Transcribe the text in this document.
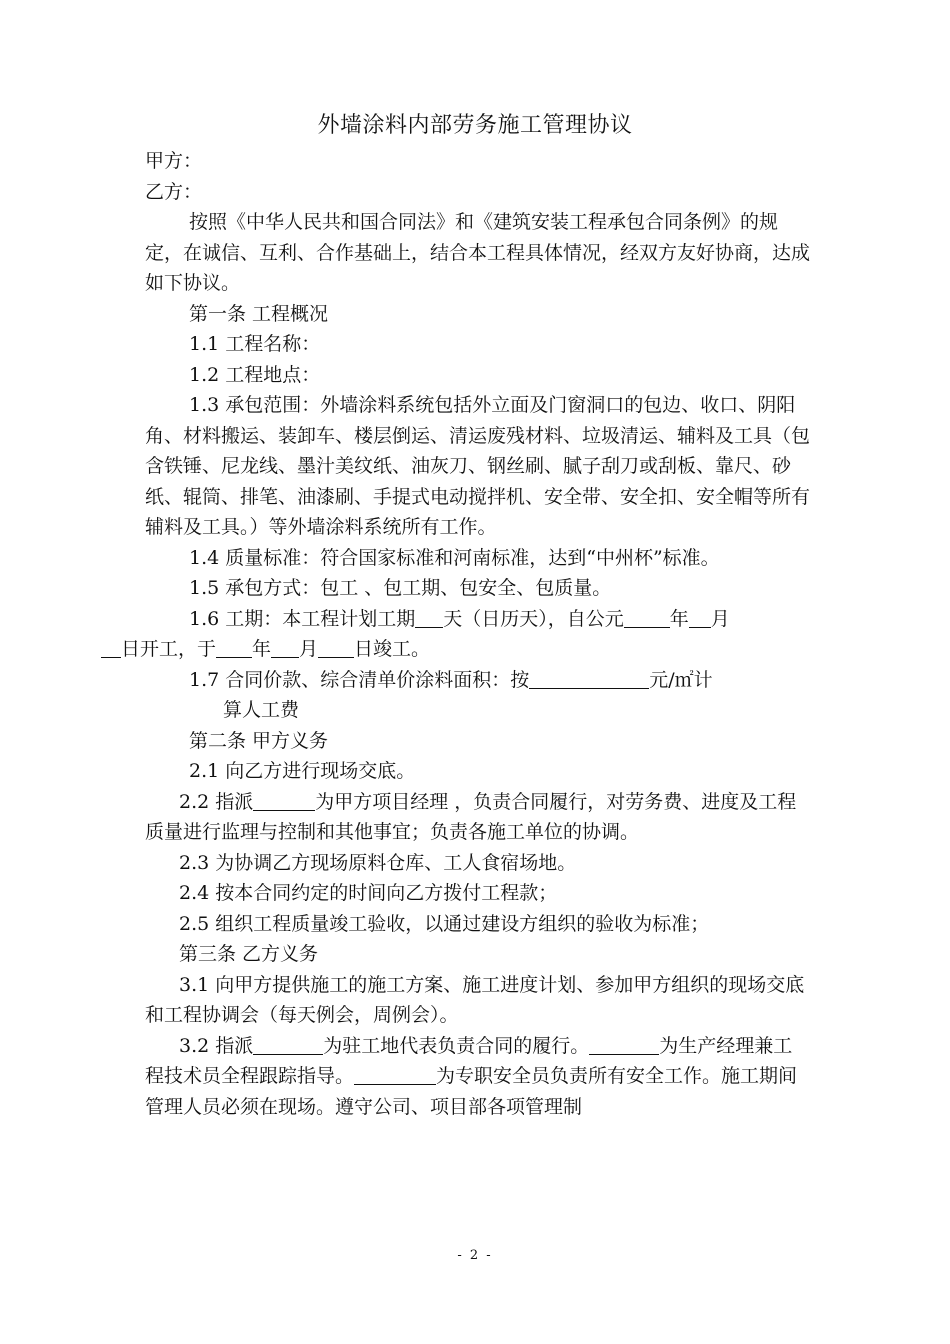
外墙涂料内部劳务施工管理协议

甲方：

乙方：

按照《中华人民共和国合同法》和《建筑安装工程承包合同条例》的规定，在诚信、互利、合作基础上，结合本工程具体情况，经双方友好协商，达成如下协议。

第一条 工程概况

1.1 工程名称：

1.2 工程地点：

1.3 承包范围：外墙涂料系统包括外立面及门窗洞口的包边、收口、阴阳角、材料搬运、装卸车、楼层倒运、清运废残材料、垃圾清运、辅料及工具（包含铁锤、尼龙线、墨汁美纹纸、油灰刀、钢丝刷、腻子刮刀或刮板、靠尺、砂纸、辊筒、排笔、油漆刷、手提式电动搅拌机、安全带、安全扣、安全帽等所有辅料及工具。）等外墙涂料系统所有工作。

1.4 质量标准：符合国家标准和河南标准，达到“中州杯”标准。

1.5 承包方式：包工 、包工期、包安全、包质量。

1.6 工期：本工程计划工期 天（日历天），自公元 年 月
日开工，于 年 月 日竣工。

1.7 合同价款、综合清单价涂料面积：按	元/㎡计
算人工费

第二条 甲方义务

2.1 向乙方进行现场交底。

2.2 指派	为甲方项目经理 ，负责合同履行，对劳务费、进度及工程质量进行监理与控制和其他事宜；负责各施工单位的协调。

2.3 为协调乙方现场原料仓库、工人食宿场地。

2.4 按本合同约定的时间向乙方拨付工程款；

2.5 组织工程质量竣工验收，以通过建设方组织的验收为标准；

第三条 乙方义务

3.1 向甲方提供施工的施工方案、施工进度计划、参加甲方组织的现场交底和工程协调会（每天例会，周例会）。

3.2 指派	为驻工地代表负责合同的履行。	为生产经理兼工程技术员全程跟踪指导。	为专职安全员负责所有安全工作。施工期间管理人员必须在现场。遵守公司、项目部各项管理制

- 2 -
